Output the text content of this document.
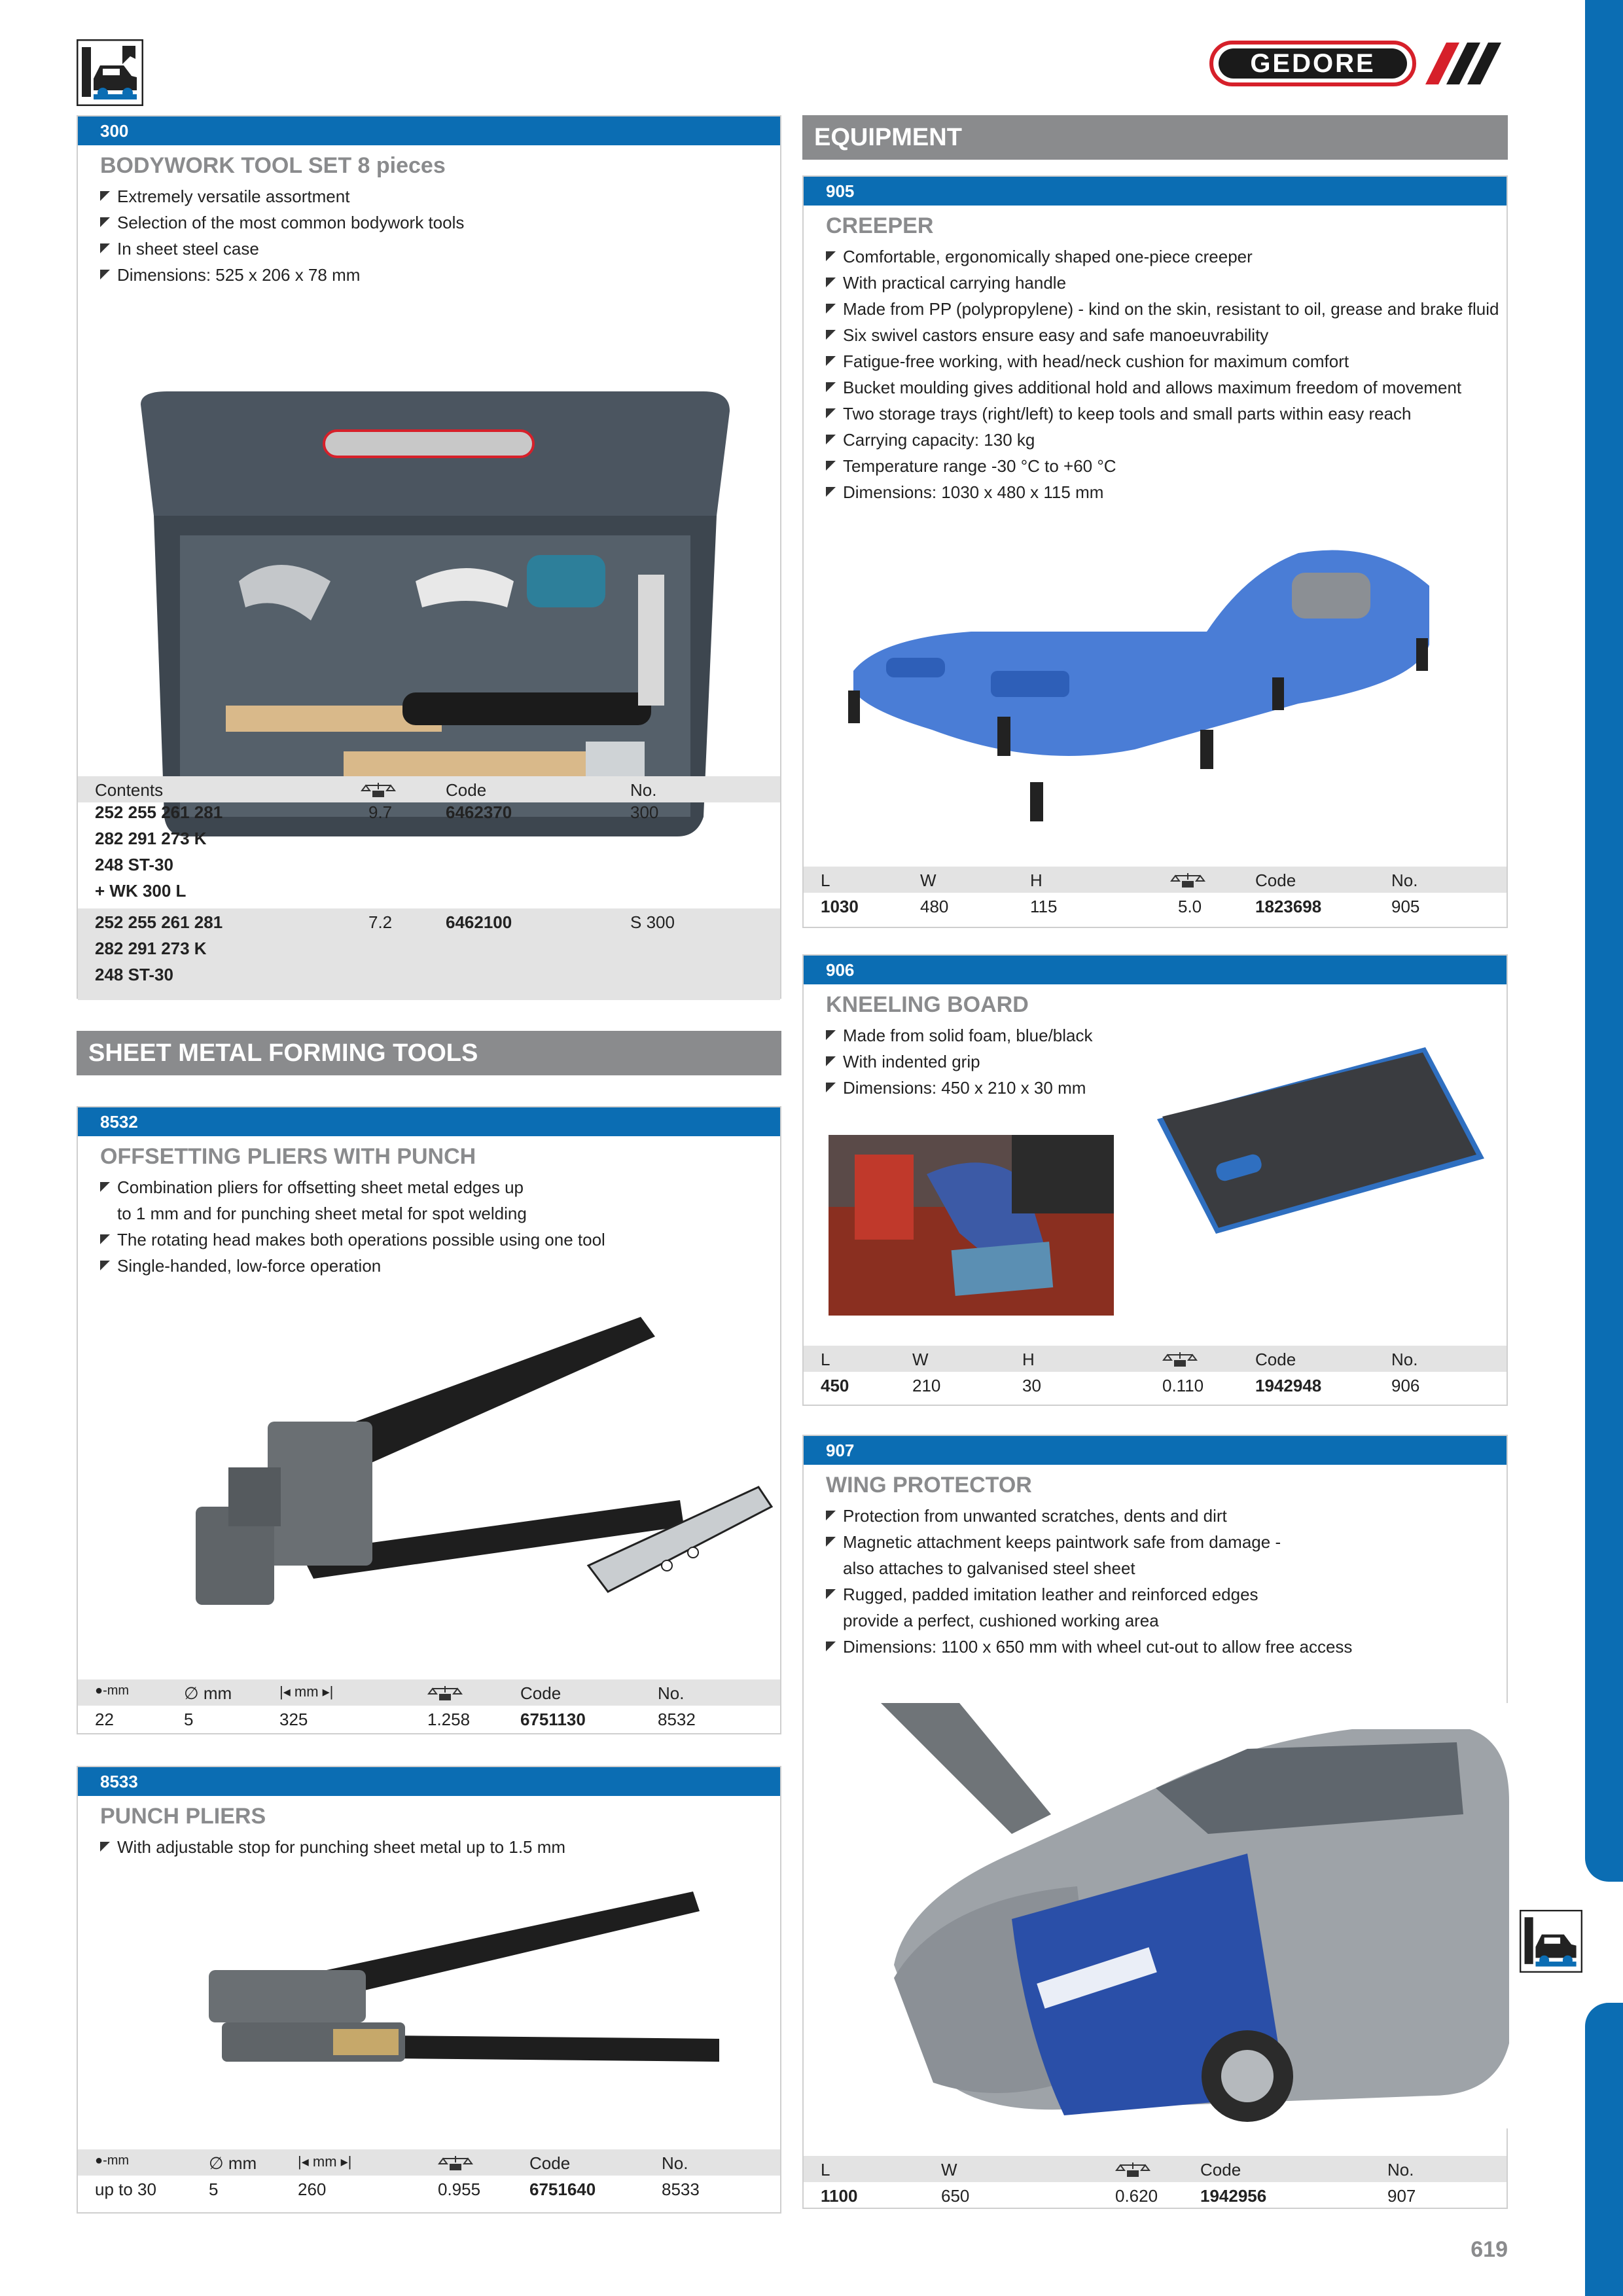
GEDORE
EQUIPMENT
SHEET METAL FORMING TOOLS
300
BODYWORK TOOL SET 8 pieces
Extremely versatile assortment
Selection of the most common bodywork tools
In sheet steel case
Dimensions: 525 x 206 x 78 mm
Contents	Code	No.
252 255 261 281
282 291 273 K
248 ST-30
+ WK 300 L
9.7	6462370	300
252 255 261 281
282 291 273 K
248 ST-30
7.2	6462100	S 300
905
CREEPER
Comfortable, ergonomically shaped one-piece creeper
With practical carrying handle
Made from PP (polypropylene) - kind on the skin, resistant to oil, grease and brake fluid
Six swivel castors ensure easy and safe manoeuvrability
Fatigue-free working, with head/neck cushion for maximum comfort
Bucket moulding gives additional hold and allows maximum freedom of movement
Two storage trays (right/left) to keep tools and small parts within easy reach
Carrying capacity: 130 kg
Temperature range -30 °C to +60 °C
Dimensions: 1030 x 480 x 115 mm
L	W	H	Code	No.
1030	480	115	5.0	1823698	905
906
KNEELING BOARD
Made from solid foam, blue/black
With indented grip
Dimensions: 450 x 210 x 30 mm
L	W	H	Code	No.
450	210	30	0.110	1942948	906
907
WING PROTECTOR
Protection from unwanted scratches, dents and dirt
Magnetic attachment keeps paintwork safe from damage -
also attaches to galvanised steel sheet
Rugged, padded imitation leather and reinforced edges
provide a perfect, cushioned working area
Dimensions: 1100 x 650 mm with wheel cut-out to allow free access
L	W	Code	No.
1100	650	0.620 1942956	907
8532
OFFSETTING PLIERS WITH PUNCH
Combination pliers for offsetting sheet metal edges up
to 1 mm and for punching sheet metal for spot welding
The rotating head makes both operations possible using one tool
Single-handed, low-force operation
●-mm	∅ mm	|◂ mm ▸|	Code	No.
22	5	325	1.258	6751130	8532
8533
PUNCH PLIERS
With adjustable stop for punching sheet metal up to 1.5 mm
●-mm	∅ mm	|◂ mm ▸|	Code	No.
up to 30	5	260	0.955	6751640	8533
619
